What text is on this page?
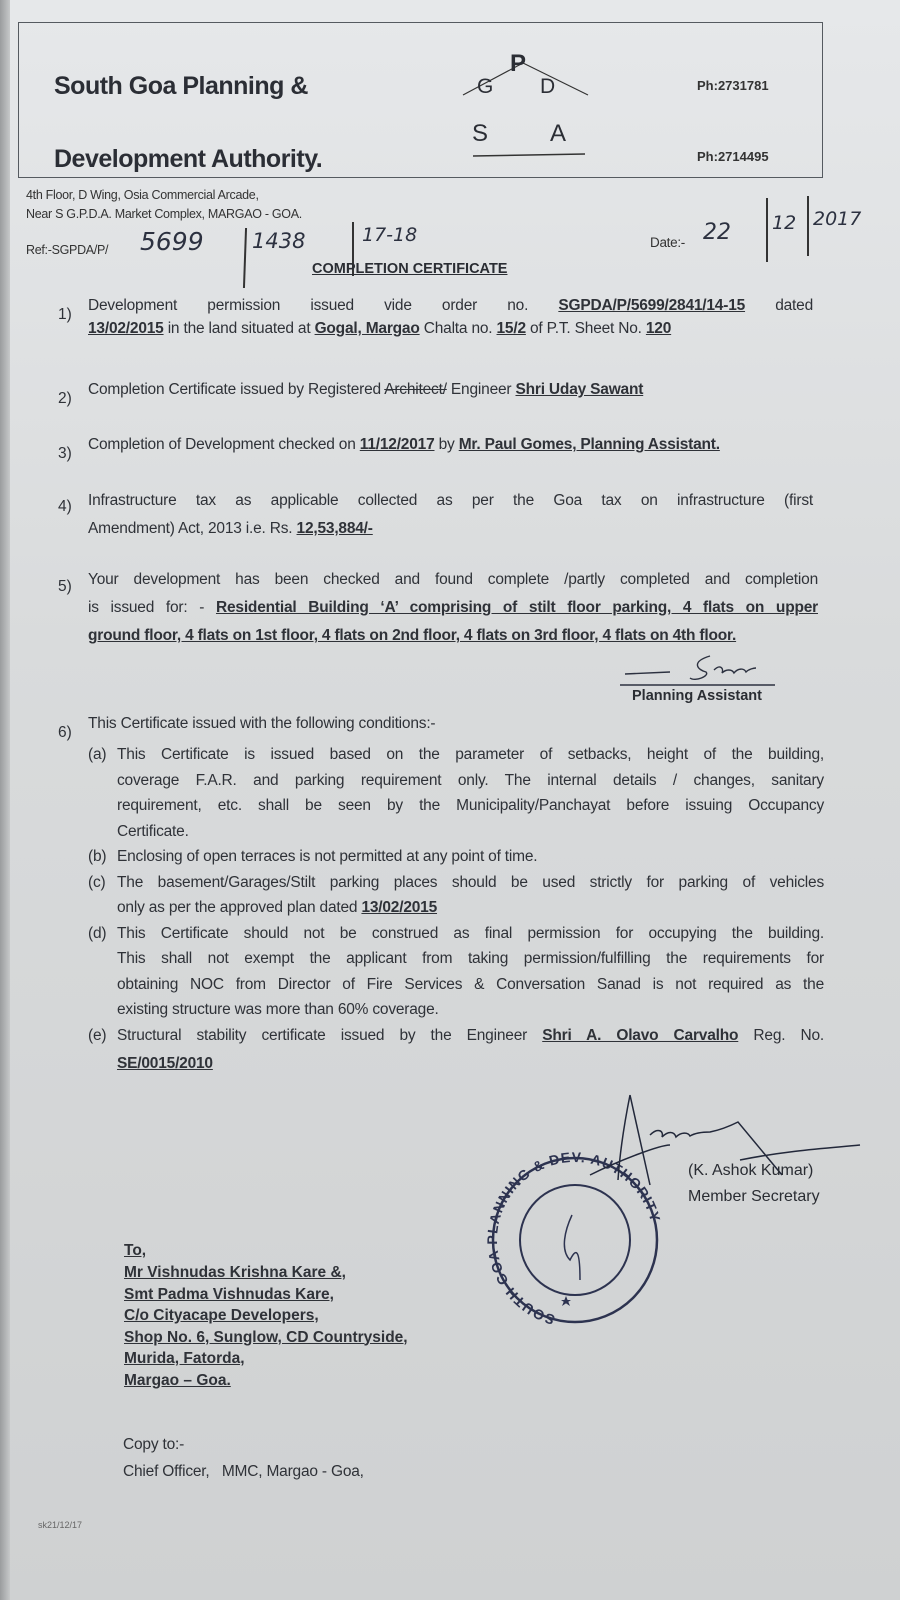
South Goa Planning &
Development Authority.
P
G D
S	A
Ph:2731781
Ph:2714495
4th Floor, D Wing, Osia Commercial Arcade,
Near S G.P.D.A. Market Complex, MARGAO - GOA.
Ref:-SGPDA/P/ 5699 1438	17-18	Date:- 22 12 2017
COMPLETION CERTIFICATE
1)
Development permission issued vide order no. SGPDA/P/5699/2841/14-15 dated
13/02/2015 in the land situated at Gogal, Margao Chalta no. 15/2 of P.T. Sheet No. 120
2)
Completion Certificate issued by Registered Architect/ Engineer Shri Uday Sawant
3)
Completion of Development checked on 11/12/2017 by Mr. Paul Gomes, Planning Assistant.
4) Infrastructure tax as applicable collected as per the Goa tax on infrastructure (first
Amendment) Act, 2013 i.e. Rs. 12,53,884/-
5) Your development has been checked and found complete /partly completed and completion
is issued for: - Residential Building ‘A’ comprising of stilt floor parking, 4 flats on upper
ground floor, 4 flats on 1st floor, 4 flats on 2nd floor, 4 flats on 3rd floor, 4 flats on 4th floor.
Planning Assistant
6)
This Certificate issued with the following conditions:-
(a) This Certificate is issued based on the parameter of setbacks, height of the building,
coverage F.A.R. and parking requirement only. The internal details / changes, sanitary
requirement, etc. shall be seen by the Municipality/Panchayat before issuing Occupancy
Certificate.
(b) Enclosing of open terraces is not permitted at any point of time.
(c) The basement/Garages/Stilt parking places should be used strictly for parking of vehicles
only as per the approved plan dated 13/02/2015
(d) This Certificate should not be construed as final permission for occupying the building.
This shall not exempt the applicant from taking permission/fulfilling the requirements for
obtaining NOC from Director of Fire Services & Conversation Sanad is not required as the
existing structure was more than 60% coverage.
(e) Structural stability certificate issued by the Engineer Shri A. Olavo Carvalho Reg. No.
SE/0015/2010
SOUTH GOA PLANNING & DEV. AUTHORITY
(K. Ashok Kumar)
Member Secretary
To,
Mr Vishnudas Krishna Kare &,
Smt Padma Vishnudas Kare,
C/o Cityacape Developers,
Shop No. 6, Sunglow, CD Countryside,
Murida, Fatorda,
Margao – Goa.
Copy to:-
Chief Officer,   MMC, Margao - Goa,
sk21/12/17
